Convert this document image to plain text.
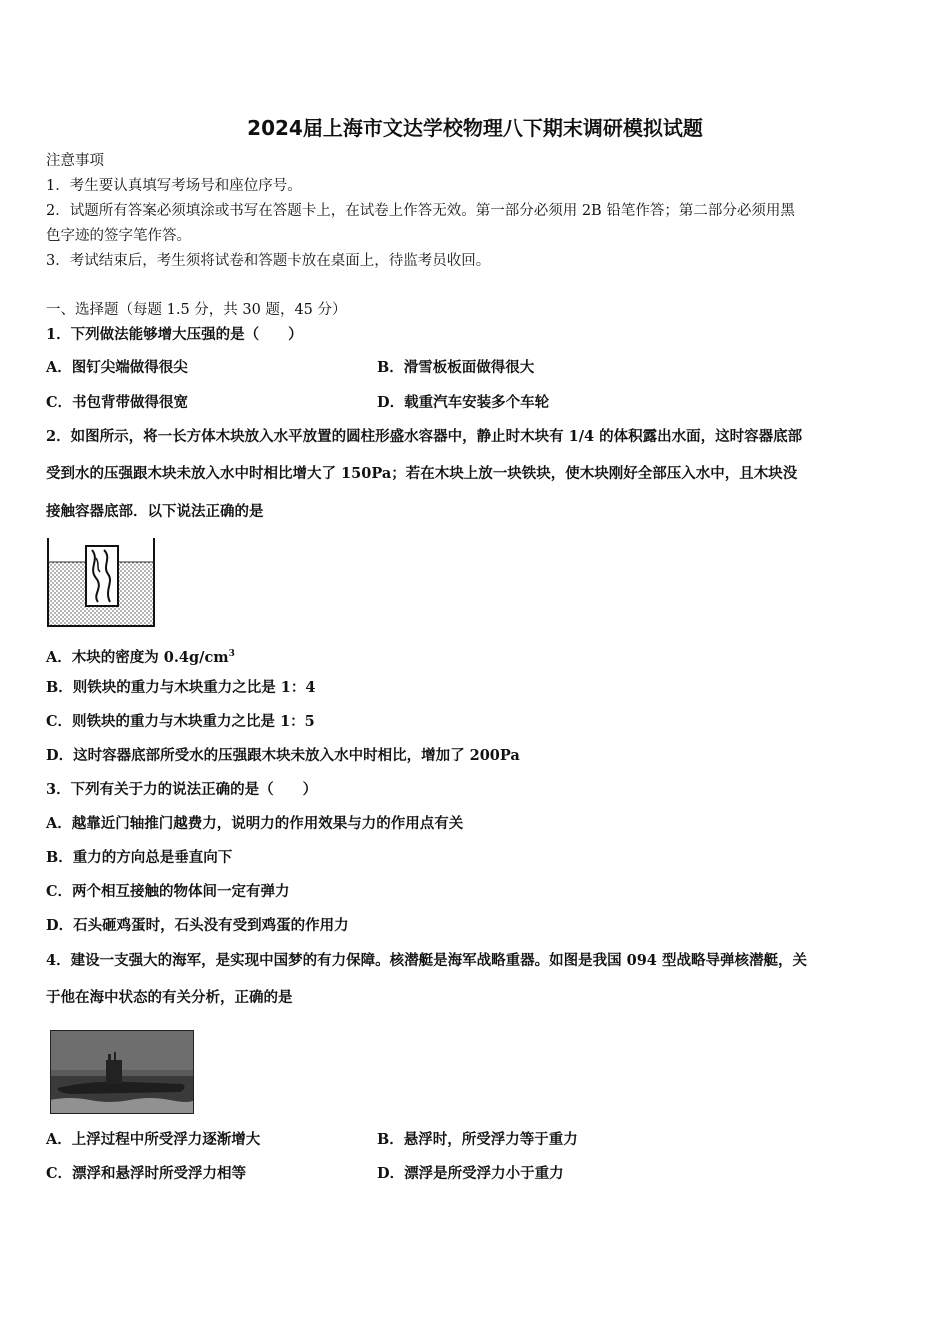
2024届上海市文达学校物理八下期末调研模拟试题
注意事项
1．考生要认真填写考场号和座位序号。
2．试题所有答案必须填涂或书写在答题卡上，在试卷上作答无效。第一部分必须用 2B 铅笔作答；第二部分必须用黑
色字迹的签字笔作答。
3．考试结束后，考生须将试卷和答题卡放在桌面上，待监考员收回。
一、选择题（每题 1.5 分，共 30 题，45 分）
1．下列做法能够增大压强的是（　　）
A．图钉尖端做得很尖	B．滑雪板板面做得很大
C．书包背带做得很宽	D．载重汽车安装多个车轮
2．如图所示，将一长方体木块放入水平放置的圆柱形盛水容器中，静止时木块有 1/4 的体积露出水面，这时容器底部
受到水的压强跟木块未放入水中时相比增大了 150Pa；若在木块上放一块铁块，使木块刚好全部压入水中，且木块没
接触容器底部．以下说法正确的是
A．木块的密度为 $0.4g/cm^3$
B．则铁块的重力与木块重力之比是 1：4
C．则铁块的重力与木块重力之比是 1：5
D．这时容器底部所受水的压强跟木块未放入水中时相比，增加了 200Pa
3．下列有关于力的说法正确的是（　　）
A．越靠近门轴推门越费力，说明力的作用效果与力的作用点有关
B．重力的方向总是垂直向下
C．两个相互接触的物体间一定有弹力
D．石头砸鸡蛋时，石头没有受到鸡蛋的作用力
4．建设一支强大的海军，是实现中国梦的有力保障。核潜艇是海军战略重器。如图是我国 094 型战略导弹核潜艇，关
于他在海中状态的有关分析，正确的是
A．上浮过程中所受浮力逐渐增大	B．悬浮时，所受浮力等于重力
C．漂浮和悬浮时所受浮力相等	D．漂浮是所受浮力小于重力
